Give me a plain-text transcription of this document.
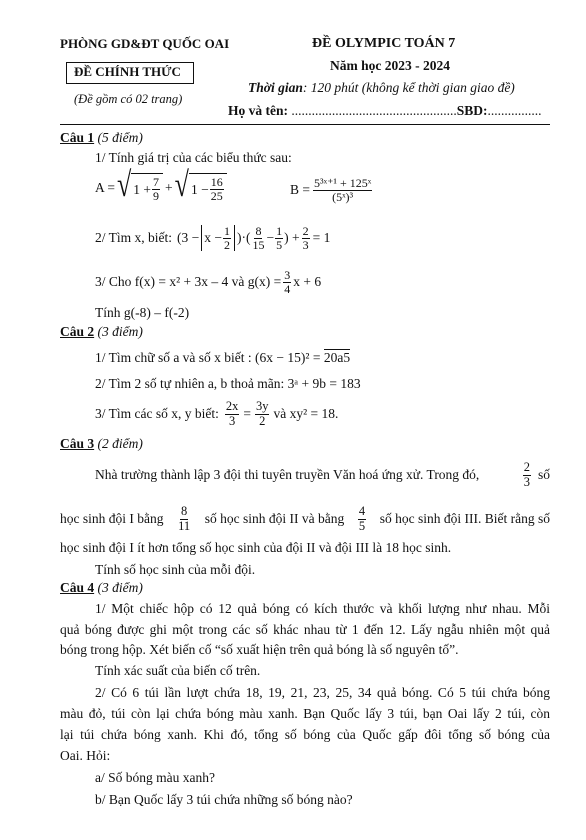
PHÒNG GD&ĐT QUỐC OAI
ĐỀ CHÍNH THỨC
(Đề gồm có 02 trang)
ĐỀ OLYMPIC TOÁN 7
Năm học 2023 - 2024
Thời gian: 120 phút (không kể thời gian giao đề)
Họ và tên: .................................................SBD:................
Câu 1 (5 điểm)
1/ Tính giá trị của các biểu thức sau:
A = √ $1 + \frac{7}{9}$ + √ $1 - \frac{16}{25}$	$B = \frac{\text{5³ˣ⁺¹ + 125ˣ}}{\text{(5ˣ)³}}$
2/ Tìm x, biết: ($3 - x - \frac{1}{2}$ )·( $\frac{8}{15} - \frac{1}{5}$ ) + $\frac{2}{3} = 1$
3/ Cho f(x) = x² + 3x – 4 và $g(x) = \frac{3}{4}$ x + 6
Tính g(-8) – f(-2)
Câu 2 (3 điểm)
1/ Tìm chữ số a và số x biết : (6x − 15)² = 20a5
2/ Tìm 2 số tự nhiên a, b thoả mãn: 3ᵃ + 9b = 183
3/ Tìm các số x, y biết: $\frac{2x}{3} = \frac{3y}{2}$ và xy² = 18.
Câu 3 (2 điểm)
Nhà trường thành lập 3 đội thi tuyên truyền Văn hoá ứng xử. Trong đó,	$\frac{2}{3}$ số
học sinh đội I bằng $\frac{8}{11}$ số học sinh đội II và bằng $\frac{4}{5}$ số học sinh đội III. Biết rằng số
học sinh đội I ít hơn tổng số học sinh của đội II và đội III là 18 học sinh.
Tính số học sinh của mỗi đội.
Câu 4 (3 điểm)
1/ Một chiếc hộp có 12 quả bóng có kích thước và khối lượng như nhau. Mỗi
quả bóng được ghi một trong các số khác nhau từ 1 đến 12. Lấy ngẫu nhiên một quả
bóng trong hộp. Xét biến cố “số xuất hiện trên quả bóng là số nguyên tố”.
Tính xác suất của biến cố trên.
2/ Có 6 túi lần lượt chứa 18, 19, 21, 23, 25, 34 quả bóng. Có 5 túi chứa bóng
màu đỏ, túi còn lại chứa bóng màu xanh. Bạn Quốc lấy 3 túi, bạn Oai lấy 2 túi, còn
lại túi chứa bóng xanh. Khi đó, tổng số bóng của Quốc gấp đôi tổng số bóng của
Oai. Hỏi:
a/ Số bóng màu xanh?
b/ Bạn Quốc lấy 3 túi chứa những số bóng nào?
